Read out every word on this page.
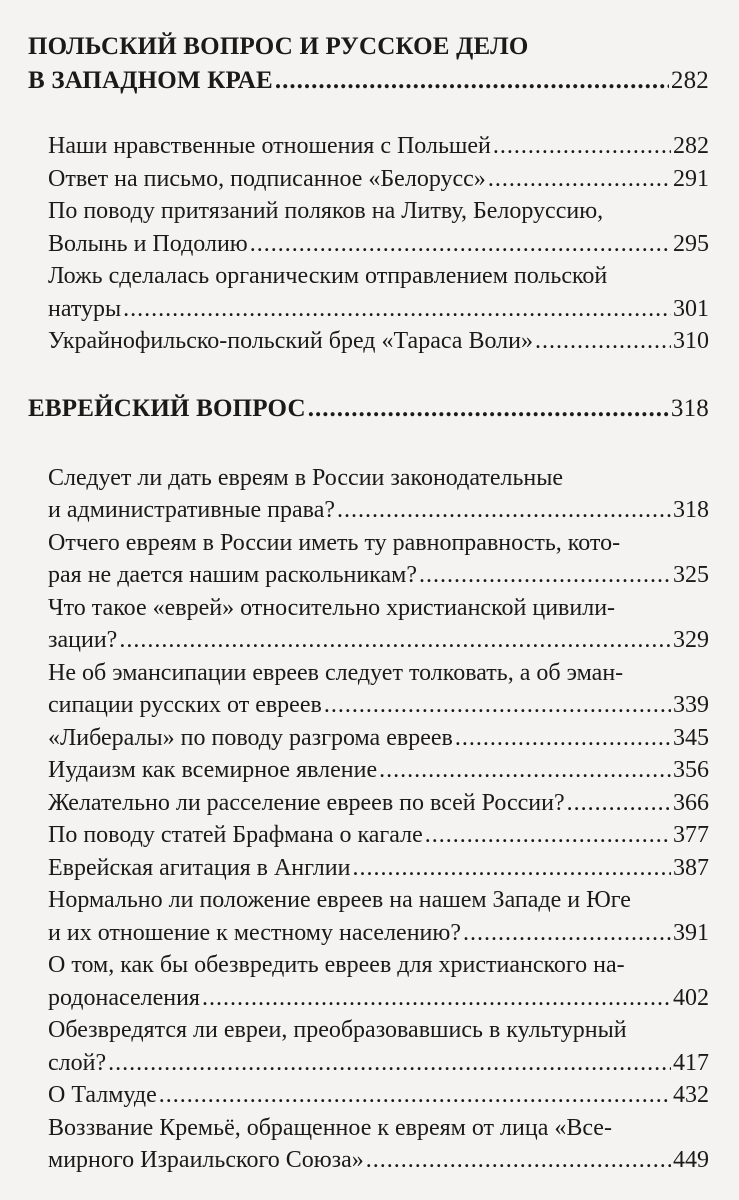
ПОЛЬСКИЙ ВОПРОС И РУССКОЕ ДЕЛО
В ЗАПАДНОМ КРАЕ .....	282
Наши нравственные отношения с Польшей .....	282
Ответ на письмо, подписанное «Белорусс» .....	291
По поводу притязаний поляков на Литву, Белоруссию,
Волынь и Подолию .....	295
Ложь сделалась органическим отправлением польской
натуры .....	301
Украйнофильско-польский бред «Тараса Воли» .....	310
ЕВРЕЙСКИЙ ВОПРОС .....	318
Следует ли дать евреям в России законодательные
и административные права? .....	318
Отчего евреям в России иметь ту равноправность, кото-
рая не дается нашим раскольникам? .....	325
Что такое «еврей» относительно христианской цивили-
зации? .....	329
Не об эмансипации евреев следует толковать, а об эман-
сипации русских от евреев .....	339
«Либералы» по поводу разгрома евреев .....	345
Иудаизм как всемирное явление .....	356
Желательно ли расселение евреев по всей России? .....	366
По поводу статей Брафмана о кагале .....	377
Еврейская агитация в Англии .....	387
Нормально ли положение евреев на нашем Западе и Юге
и их отношение к местному населению? .....	391
О том, как бы обезвредить евреев для христианского на-
родонаселения .....	402
Обезвредятся ли евреи, преобразовавшись в культурный
слой? .....	417
О Талмуде .....	432
Воззвание Кремьё, обращенное к евреям от лица «Все-
мирного Израильского Союза» .....	449
